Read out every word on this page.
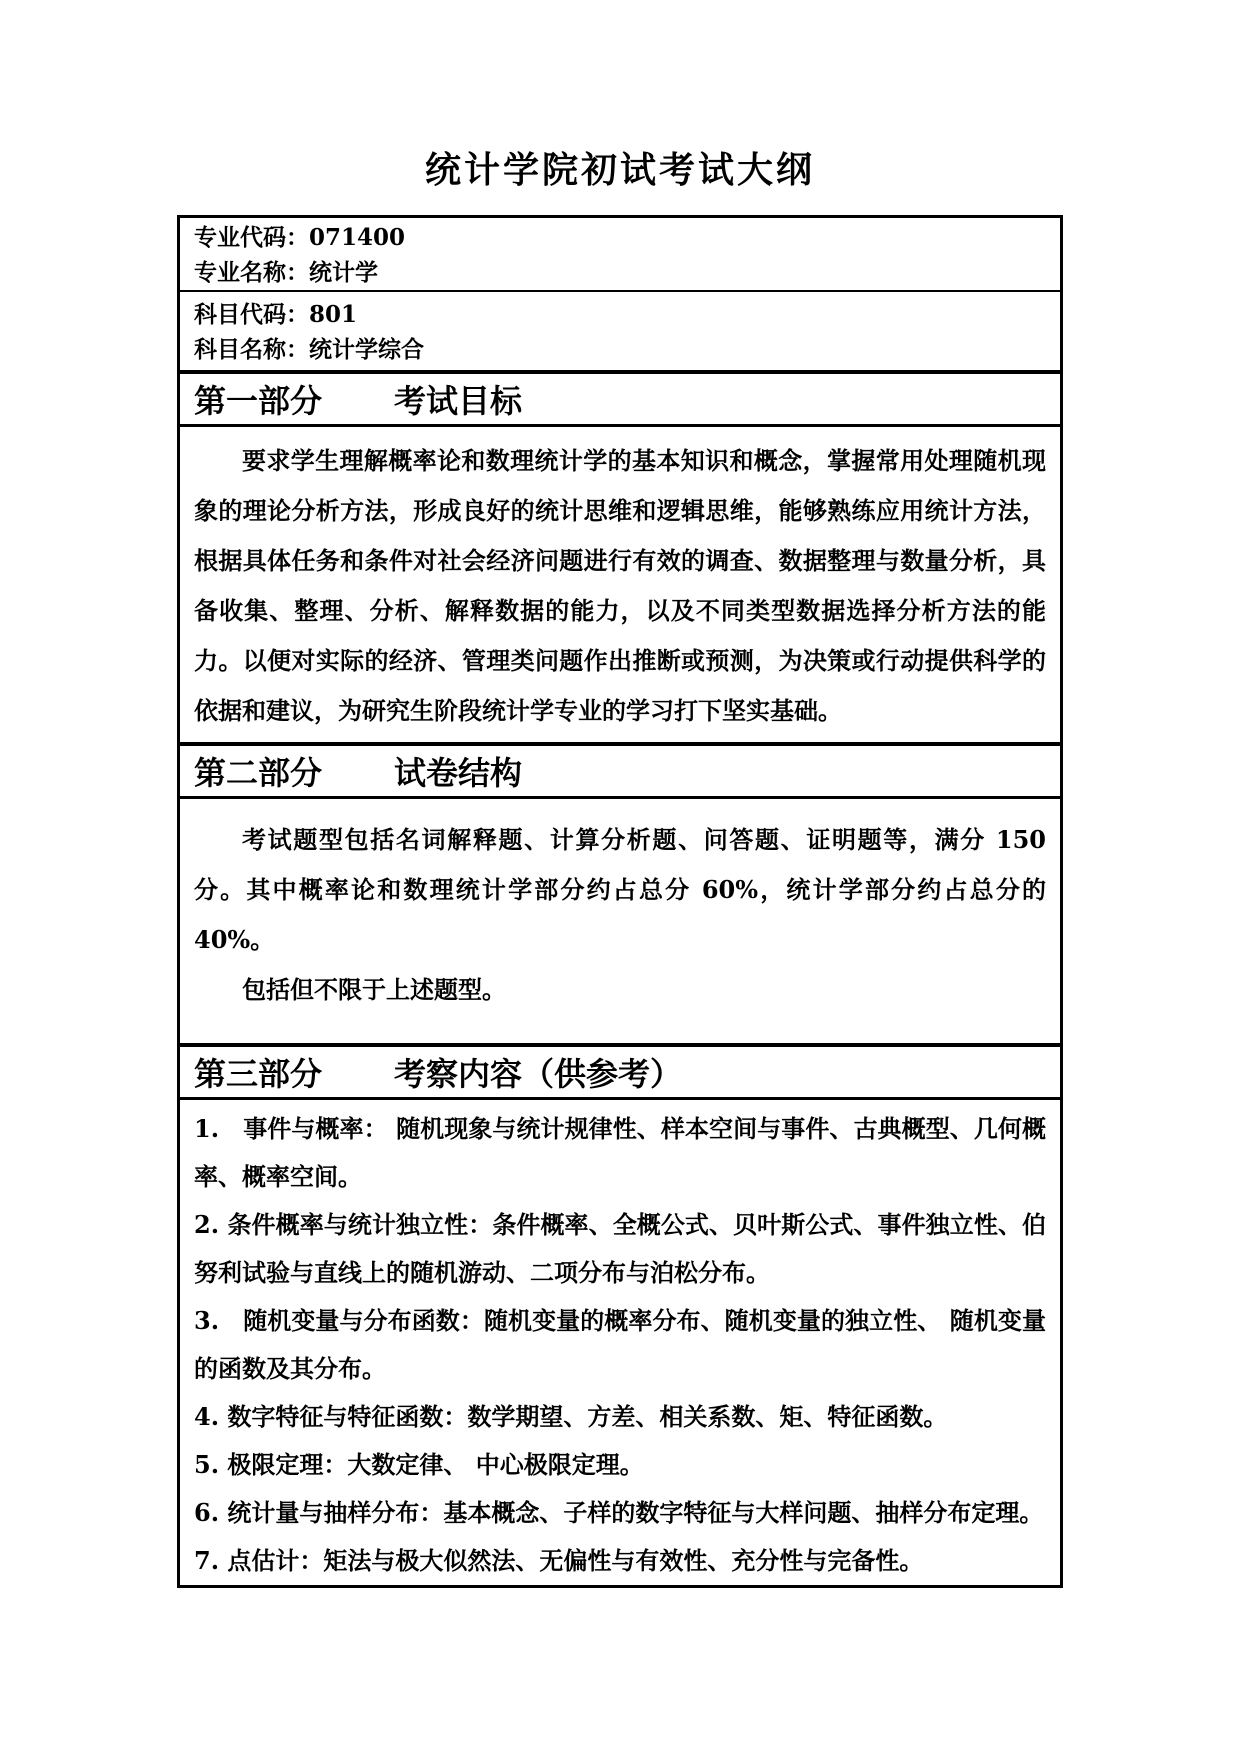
统计学院初试考试大纲
专业代码：071400
专业名称：统计学
科目代码：801
科目名称：统计学综合
第一部分 考试目标

要求学生理解概率论和数理统计学的基本知识和概念，掌握常用处理随机现象的理论分析方法，形成良好的统计思维和逻辑思维，能够熟练应用统计方法，根据具体任务和条件对社会经济问题进行有效的调查、数据整理与数量分析，具备收集、整理、分析、解释数据的能力，以及不同类型数据选择分析方法的能力。以便对实际的经济、管理类问题作出推断或预测，为决策或行动提供科学的依据和建议，为研究生阶段统计学专业的学习打下坚实基础。

第二部分 试卷结构

考试题型包括名词解释题、计算分析题、问答题、证明题等，满分 150 分。其中概率论和数理统计学部分约占总分 60%，统计学部分约占总分的 40%。

包括但不限于上述题型。

第三部分 考察内容（供参考）

1.　事件与概率： 随机现象与统计规律性、样本空间与事件、古典概型、几何概率、概率空间。

2. 条件概率与统计独立性：条件概率、全概公式、贝叶斯公式、事件独立性、伯努利试验与直线上的随机游动、二项分布与泊松分布。

3.　随机变量与分布函数：随机变量的概率分布、随机变量的独立性、 随机变量的函数及其分布。

4. 数字特征与特征函数：数学期望、方差、相关系数、矩、特征函数。

5. 极限定理：大数定律、 中心极限定理。

6. 统计量与抽样分布：基本概念、子样的数字特征与大样问题、抽样分布定理。

7. 点估计：矩法与极大似然法、无偏性与有效性、充分性与完备性。
